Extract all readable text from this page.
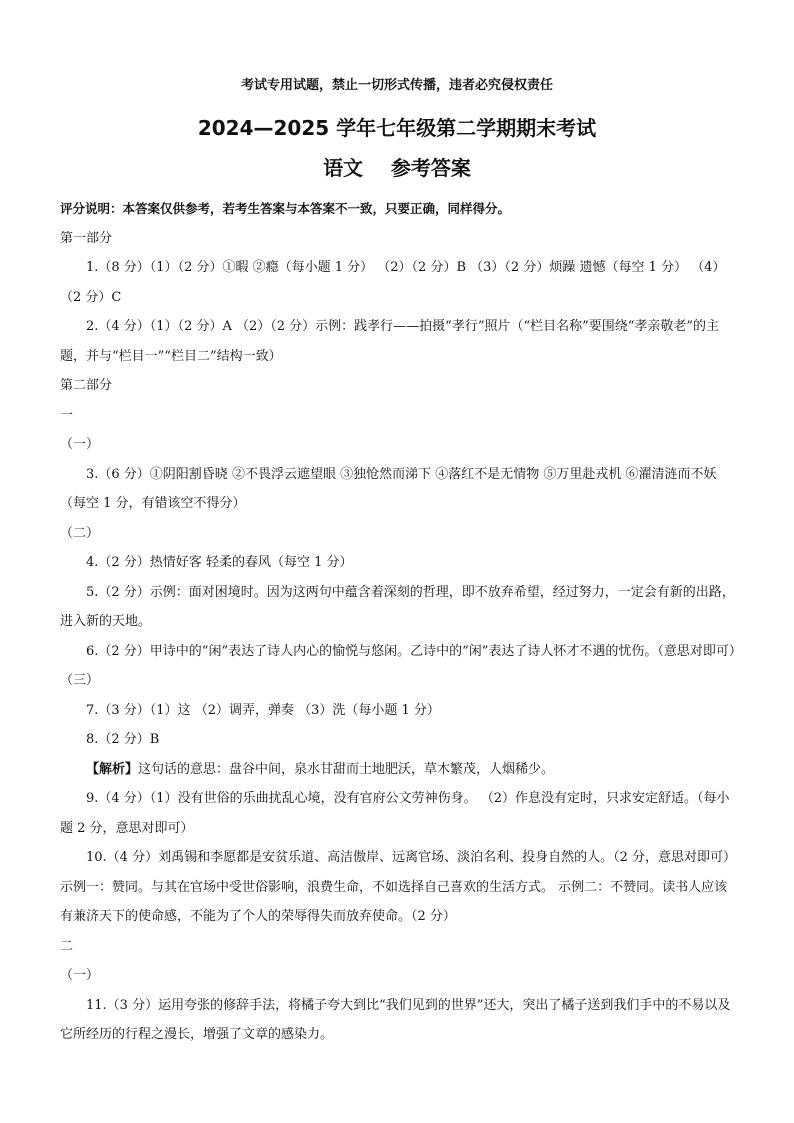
考试专用试题，禁止一切形式传播，违者必究侵权责任
2024—2025 学年七年级第二学期期末考试
语文    参考答案

评分说明：本答案仅供参考，若考生答案与本答案不一致，只要正确，同样得分。

第一部分

1.（8 分）（1）（2 分）①暇 ②瘾（每小题 1 分） （2）（2 分）B （3）（2 分）烦躁 遗憾（每空 1 分） （4）（2 分）C

2.（4 分）（1）（2 分）A （2）（2 分）示例：践孝行——拍摄“孝行”照片（“栏目名称”要围绕“孝亲敬老”的主题，并与“栏目一”“栏目二”结构一致）

第二部分

一

（一）

3.（6 分）①阴阳割昏晓 ②不畏浮云遮望眼 ③独怆然而涕下 ④落红不是无情物 ⑤万里赴戎机 ⑥濯清涟而不妖（每空 1 分，有错该空不得分）

（二）

4.（2 分）热情好客 轻柔的春风（每空 1 分）

5.（2 分）示例：面对困境时。因为这两句中蕴含着深刻的哲理，即不放弃希望，经过努力，一定会有新的出路，进入新的天地。

6.（2 分）甲诗中的“闲”表达了诗人内心的愉悦与悠闲。乙诗中的“闲”表达了诗人怀才不遇的忧伤。（意思对即可）

（三）

7.（3 分）（1）这 （2）调弄，弹奏 （3）洗（每小题 1 分）

8.（2 分）B

【解析】这句话的意思：盘谷中间，泉水甘甜而土地肥沃，草木繁茂，人烟稀少。

9.（4 分）（1）没有世俗的乐曲扰乱心境，没有官府公文劳神伤身。 （2）作息没有定时，只求安定舒适。（每小题 2 分，意思对即可）

10.（4 分）刘禹锡和李愿都是安贫乐道、高洁傲岸、远离官场、淡泊名利、投身自然的人。（2 分，意思对即可） 示例一：赞同。与其在官场中受世俗影响，浪费生命，不如选择自己喜欢的生活方式。 示例二：不赞同。读书人应该有兼济天下的使命感，不能为了个人的荣辱得失而放弃使命。（2 分）

二

（一）

11.（3 分）运用夸张的修辞手法，将橘子夸大到比“我们见到的世界”还大，突出了橘子送到我们手中的不易以及它所经历的行程之漫长，增强了文章的感染力。
